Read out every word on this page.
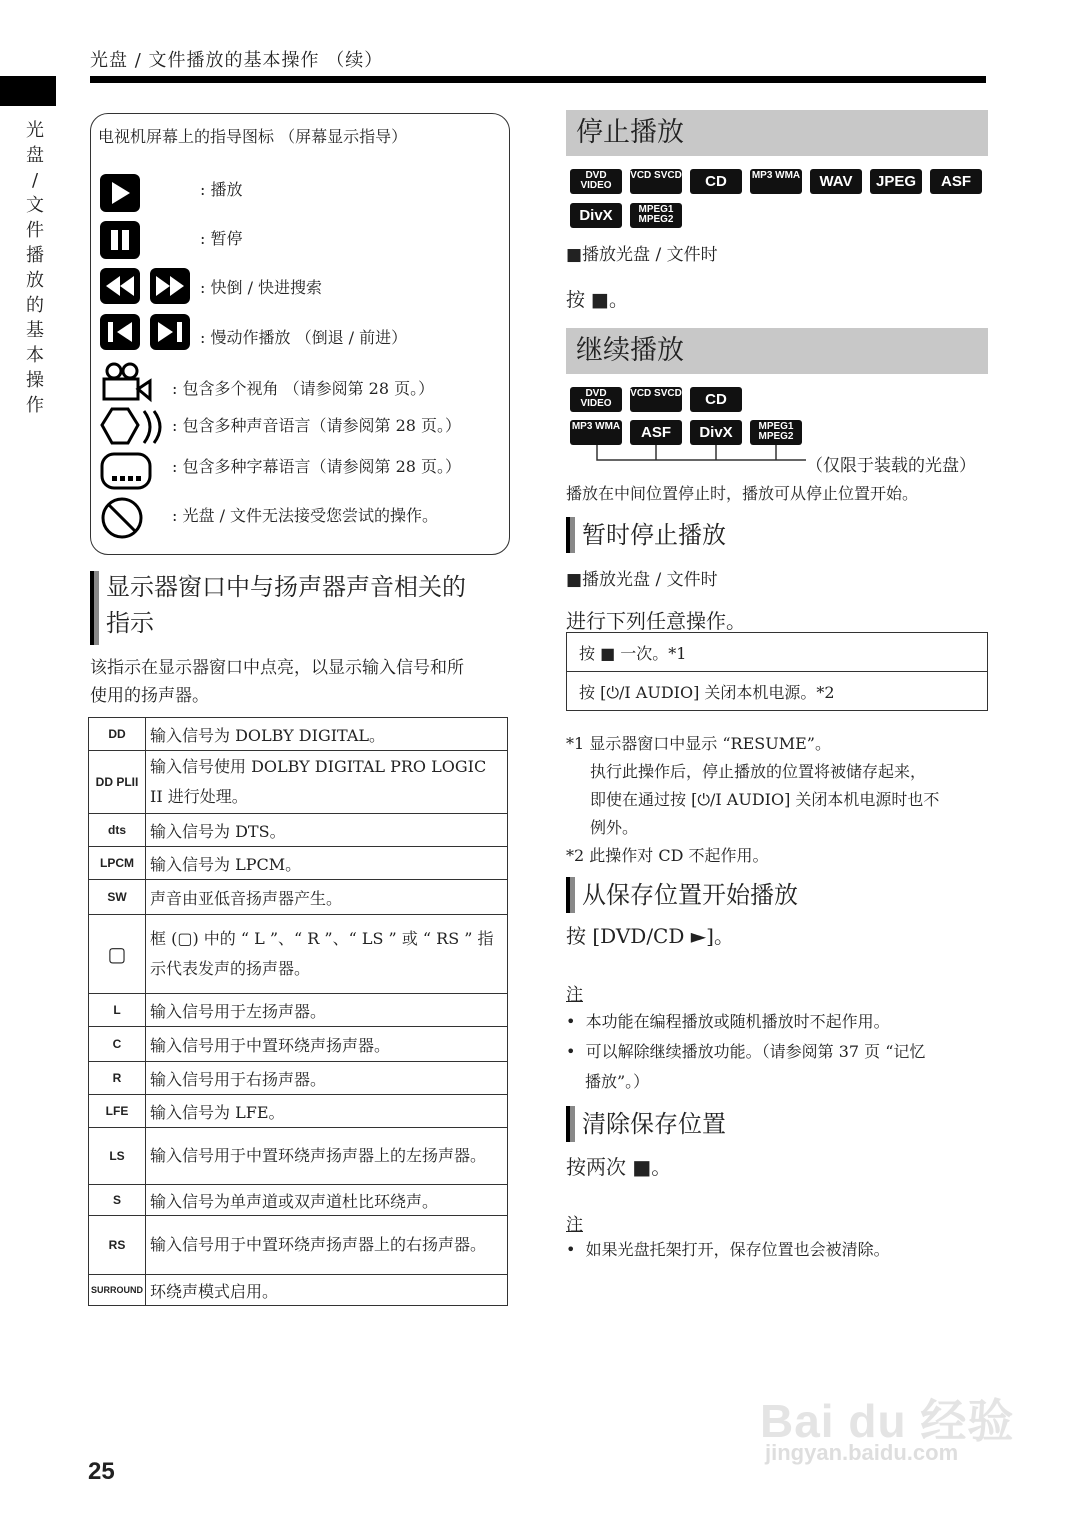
光盘 / 文件播放的基本操作 （续）
光
盘
/
文
件
播
放
的
基
本
操
作
电视机屏幕上的指导图标 （屏幕显示指导）
: 播放
: 暂停
: 快倒 / 快进搜索
: 慢动作播放 （倒退 / 前进）
: 包含多个视角 （请参阅第 28 页。）
: 包含多种声音语言（请参阅第 28 页。）
: 包含多种字幕语言（请参阅第 28 页。）
: 光盘 / 文件无法接受您尝试的操作。
显示器窗口中与扬声器声音相关的
指示
该指示在显示器窗口中点亮，以显示输入信号和所
使用的扬声器。
DD	输入信号为 DOLBY DIGITAL。
DD PLII	输入信号使用 DOLBY DIGITAL PRO LOGIC II 进行处理。
dts	输入信号为 DTS。
LPCM	输入信号为 LPCM。
SW	声音由亚低音扬声器产生。
▢	框 (▢) 中的 “ L ”、“ R ”、“ LS ” 或 “ RS ” 指示代表发声的扬声器。
L	输入信号用于左扬声器。
C	输入信号用于中置环绕声扬声器。
R	输入信号用于右扬声器。
LFE	输入信号为 LFE。
LS	输入信号用于中置环绕声扬声器上的左扬声器。
S	输入信号为单声道或双声道杜比环绕声。
RS	输入信号用于中置环绕声扬声器上的右扬声器。
SURROUND	环绕声模式启用。
停止播放
DVD VIDEO
VCD SVCD	CD	MP3 WMA	WAV	JPEG	ASF
DivX	MPEG1 MPEG2
■播放光盘 / 文件时
按 ■。
继续播放
DVD VIDEO
VCD SVCD	CD
MP3 WMA	ASF	DivX	MPEG1 MPEG2
（仅限于装载的光盘）
播放在中间位置停止时，播放可从停止位置开始。
暂时停止播放
■播放光盘 / 文件时
进行下列任意操作。
按 ■ 一次。*1
按 [⏻/I AUDIO] 关闭本机电源。*2
*1 显示器窗口中显示 “RESUME”。
执行此操作后，停止播放的位置将被储存起来，
即使在通过按 [⏻/I AUDIO] 关闭本机电源时也不
例外。
*2 此操作对 CD 不起作用。
从保存位置开始播放
按 [DVD/CD ►]。
注
•  本功能在编程播放或随机播放时不起作用。
•  可以解除继续播放功能。（请参阅第 37 页 “记忆
播放”。）
清除保存位置
按两次 ■。
注
•  如果光盘托架打开，保存位置也会被清除。
25
Bai du 经验
jingyan.baidu.com
